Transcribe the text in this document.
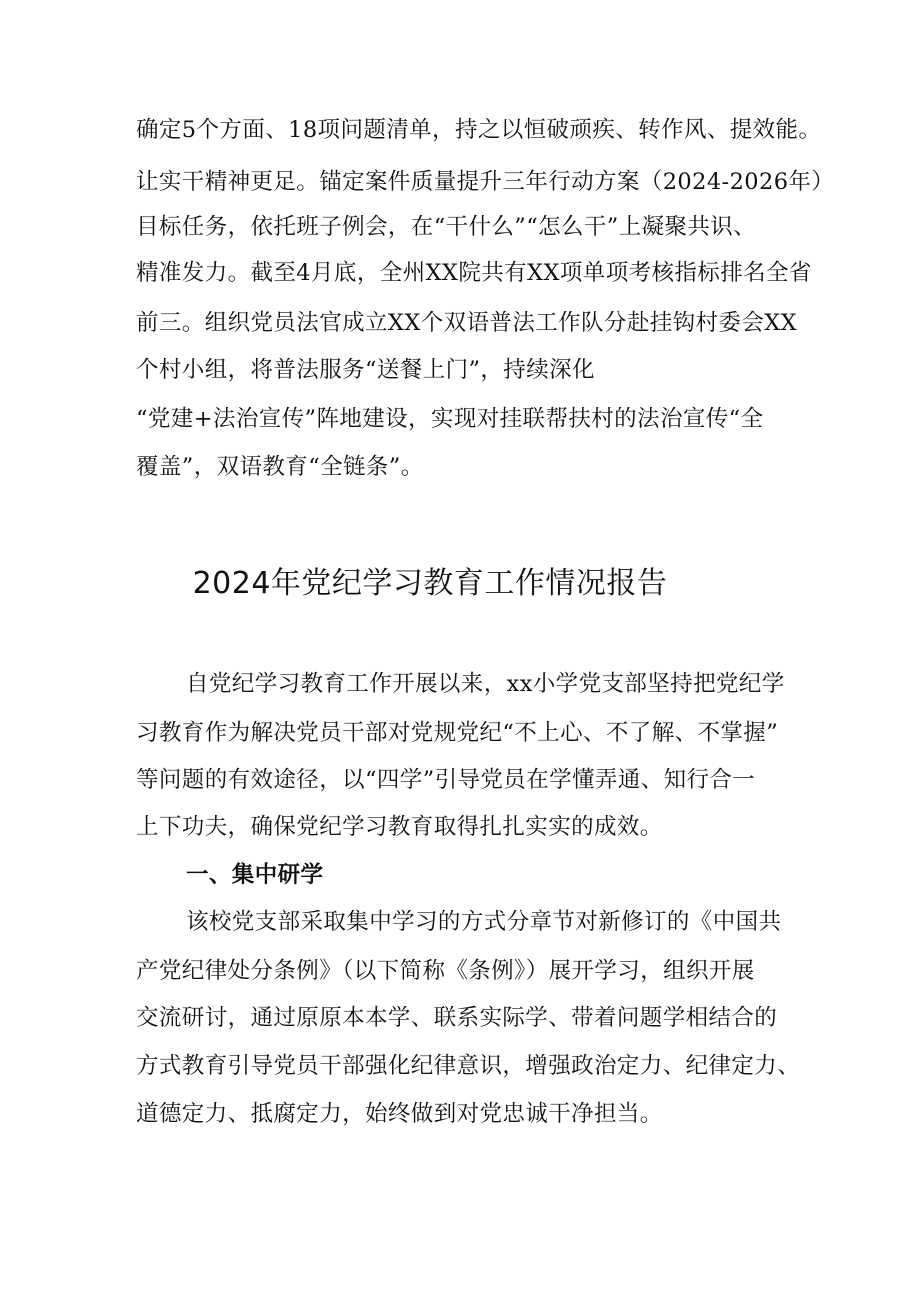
确定5个方面、18项问题清单，持之以恒破顽疾、转作风、提效能。
让实干精神更足。锚定案件质量提升三年行动方案（2024-2026年）
目标任务，依托班子例会，在“干什么”“怎么干”上凝聚共识、
精准发力。截至4月底，全州XX院共有XX项单项考核指标排名全省
前三。组织党员法官成立XX个双语普法工作队分赴挂钩村委会XX
个村小组，将普法服务“送餐上门”，持续深化
“党建+法治宣传”阵地建设，实现对挂联帮扶村的法治宣传“全
覆盖”，双语教育“全链条”。
2024年党纪学习教育工作情况报告
自党纪学习教育工作开展以来，xx小学党支部坚持把党纪学
习教育作为解决党员干部对党规党纪“不上心、不了解、不掌握”
等问题的有效途径，以“四学”引导党员在学懂弄通、知行合一
上下功夫，确保党纪学习教育取得扎扎实实的成效。
一、集中研学
该校党支部采取集中学习的方式分章节对新修订的《中国共
产党纪律处分条例》（以下简称《条例》）展开学习，组织开展
交流研讨，通过原原本本学、联系实际学、带着问题学相结合的
方式教育引导党员干部强化纪律意识，增强政治定力、纪律定力、
道德定力、抵腐定力，始终做到对党忠诚干净担当。
